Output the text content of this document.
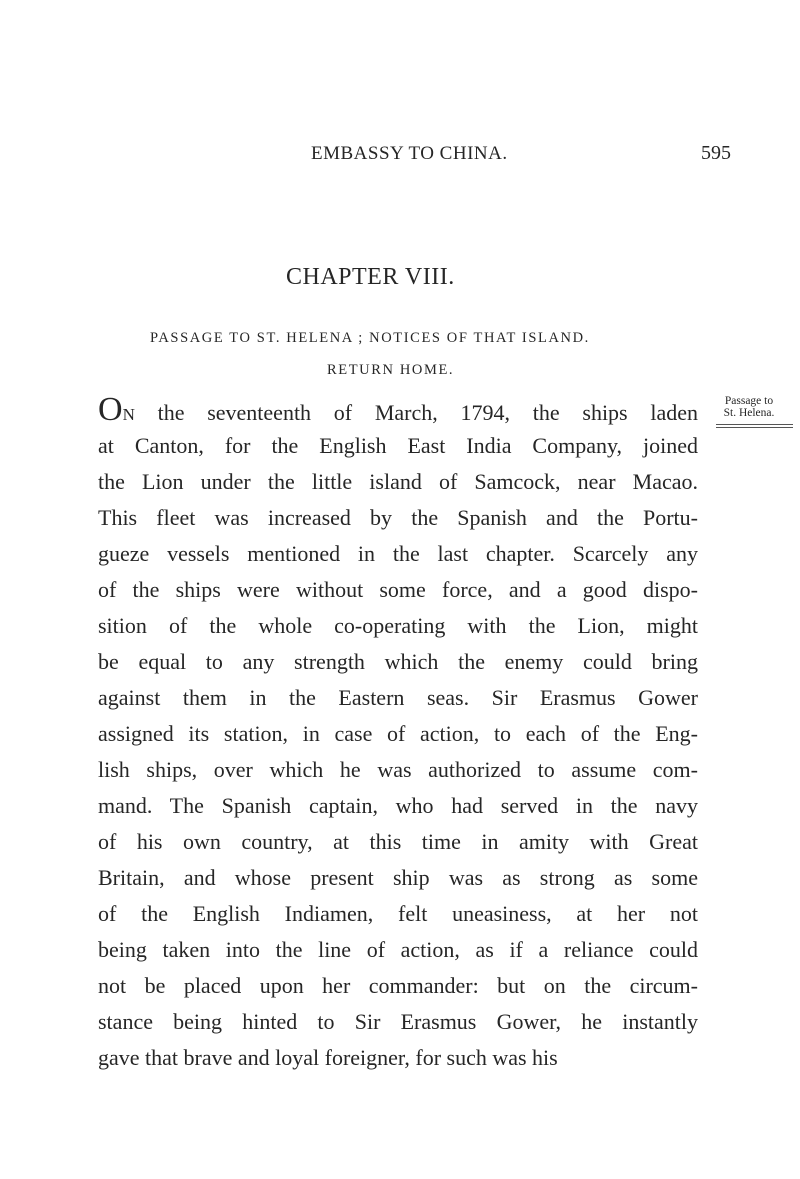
EMBASSY TO CHINA.	595
CHAPTER VIII.
PASSAGE TO ST. HELENA ; NOTICES OF THAT ISLAND.
RETURN HOME.
Passage to
St. Helena.
ON the seventeenth of March, 1794, the ships laden
at Canton, for the English East India Company, joined
the Lion under the little island of Samcock, near Macao.
This fleet was increased by the Spanish and the Portu-
gueze vessels mentioned in the last chapter. Scarcely any
of the ships were without some force, and a good dispo-
sition of the whole co-operating with the Lion, might
be equal to any strength which the enemy could bring
against them in the Eastern seas. Sir Erasmus Gower
assigned its station, in case of action, to each of the Eng-
lish ships, over which he was authorized to assume com-
mand. The Spanish captain, who had served in the navy
of his own country, at this time in amity with Great
Britain, and whose present ship was as strong as some
of the English Indiamen, felt uneasiness, at her not
being taken into the line of action, as if a reliance could
not be placed upon her commander: but on the circum-
stance being hinted to Sir Erasmus Gower, he instantly
gave that brave and loyal foreigner, for such was his
